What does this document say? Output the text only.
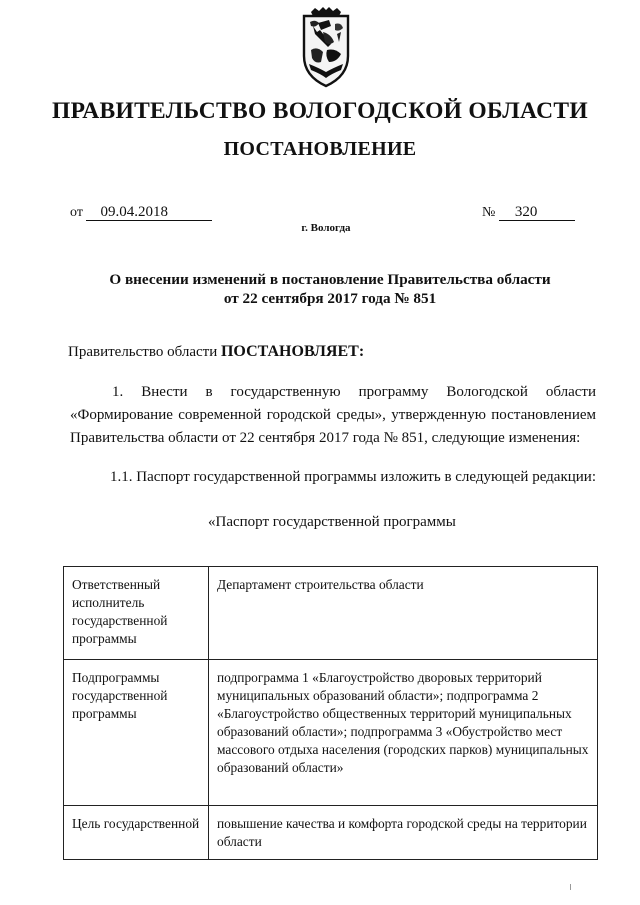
ПРАВИТЕЛЬСТВО ВОЛОГОДСКОЙ ОБЛАСТИ
ПОСТАНОВЛЕНИЕ
от 09.04.2018	№ 320
г. Вологда
О внесении изменений в постановление Правительства области
от 22 сентября 2017 года № 851
Правительство области ПОСТАНОВЛЯЕТ:
1. Внести в государственную программу Вологодской области «Формирование современной городской среды», утвержденную постановлением Правительства области от 22 сентября 2017 года № 851, следующие изменения:
1.1. Паспорт государственной программы изложить в следующей редакции:
«Паспорт государственной программы
Ответственный исполнитель государственной программы	Департамент строительства области
Подпрограммы государственной программы	подпрограмма 1 «Благоустройство дворовых территорий муниципальных образований области»; подпрограмма 2 «Благоустройство общественных территорий муниципальных образований области»; подпрограмма 3 «Обустройство мест массового отдыха населения (городских парков) муниципальных образований области»
Цель государственной	повышение качества и комфорта городской среды на территории области
